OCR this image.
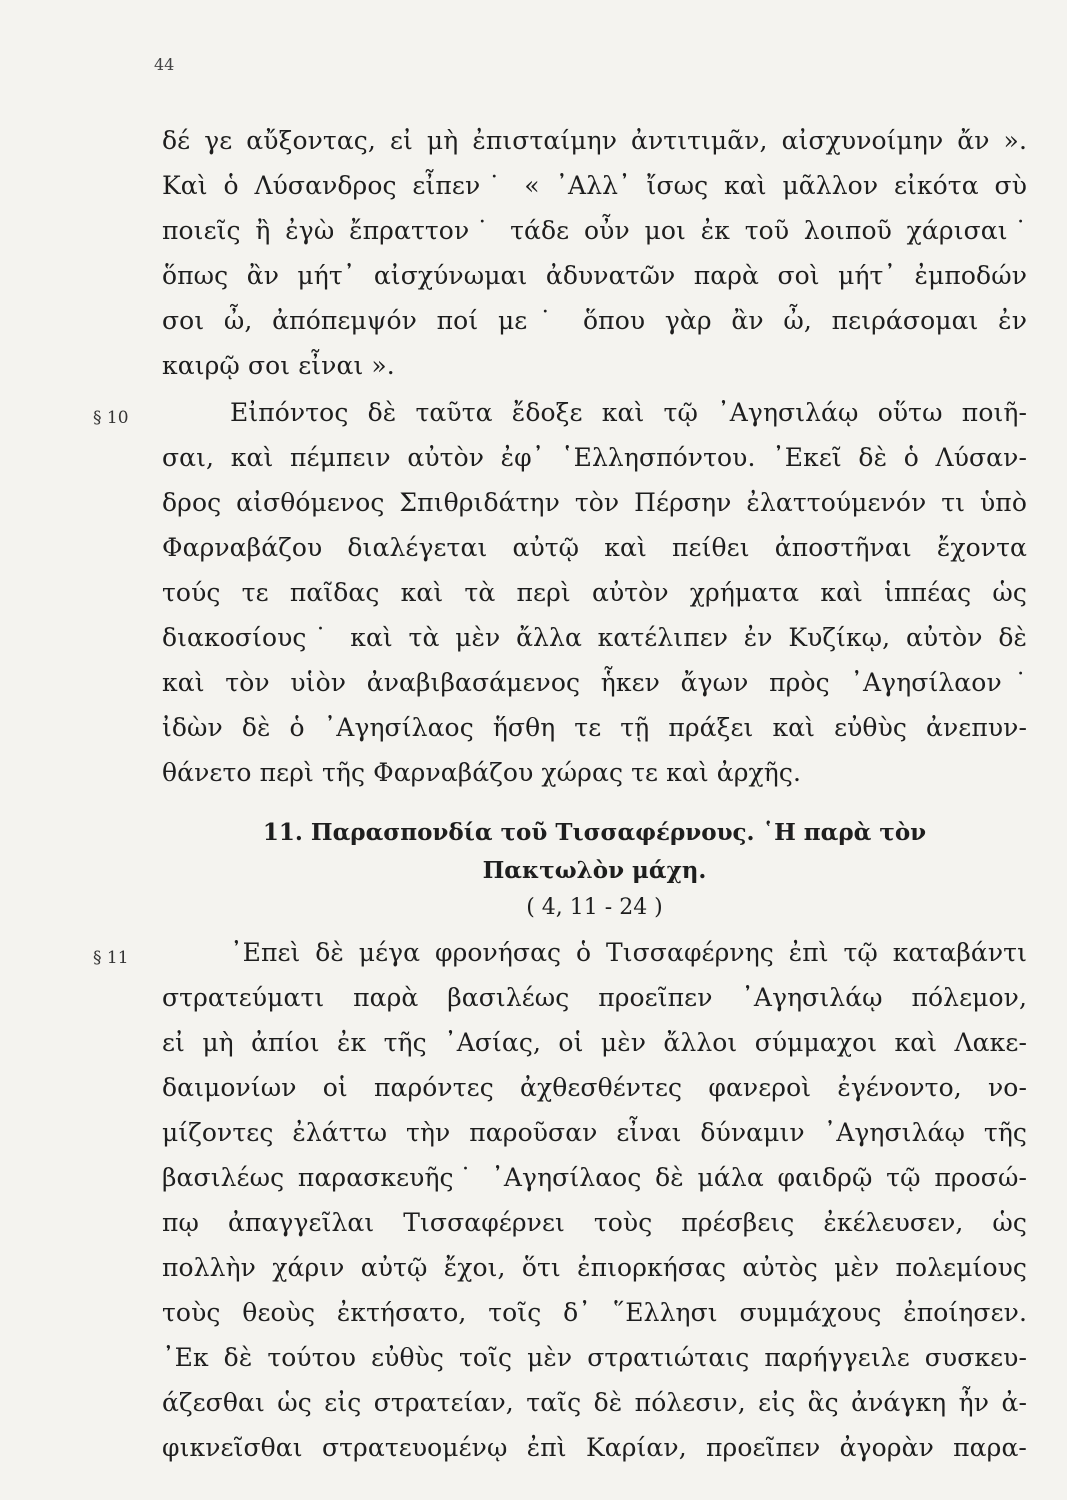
44
δέ γε αὔξοντας, εἰ μὴ ἐπισταίμην ἀντιτιμᾶν, αἰσχυνοίμην ἄν ».
Καὶ ὁ Λύσανδρος εἶπεν˙ « ᾿Αλλ᾿ ἴσως καὶ μᾶλλον εἰκότα σὺ
ποιεῖς ἢ ἐγὼ ἔπραττον˙ τάδε οὖν μοι ἐκ τοῦ λοιποῦ χάρισαι˙
ὅπως ἂν μήτ᾿ αἰσχύνωμαι ἀδυνατῶν παρὰ σοὶ μήτ᾿ ἐμποδών
σοι ὦ, ἀπόπεμψόν ποί με˙ ὅπου γὰρ ἂν ὦ, πειράσομαι ἐν
καιρῷ σοι εἶναι ».
§ 10	Εἰπόντος δὲ ταῦτα ἔδοξε καὶ τῷ ᾿Αγησιλάῳ οὕτω ποιῆ-
σαι, καὶ πέμπειν αὐτὸν ἐφ᾿ ῾Ελλησπόντου. ᾿Εκεῖ δὲ ὁ Λύσαν-
δρος αἰσθόμενος Σπιθριδάτην τὸν Πέρσην ἐλαττούμενόν τι ὑπὸ
Φαρναβάζου διαλέγεται αὐτῷ καὶ πείθει ἀποστῆναι ἔχοντα
τούς τε παῖδας καὶ τὰ περὶ αὐτὸν χρήματα καὶ ἱππέας ὡς
διακοσίους˙ καὶ τὰ μὲν ἄλλα κατέλιπεν ἐν Κυζίκῳ, αὐτὸν δὲ
καὶ τὸν υἱὸν ἀναβιβασάμενος ἧκεν ἄγων πρὸς ᾿Αγησίλαον˙
ἰδὼν δὲ ὁ ᾿Αγησίλαος ἥσθη τε τῇ πράξει καὶ εὐθὺς ἀνεπυν-
θάνετο περὶ τῆς Φαρναβάζου χώρας τε καὶ ἀρχῆς.
11. Παρασπονδία τοῦ Τισσαφέρνους. ῾Η παρὰ τὸν
Πακτωλὸν μάχη.
( 4, 11 - 24 )
§ 11	᾿Επεὶ δὲ μέγα φρονήσας ὁ Τισσαφέρνης ἐπὶ τῷ καταβάντι
στρατεύματι παρὰ βασιλέως προεῖπεν ᾿Αγησιλάῳ πόλεμον,
εἰ μὴ ἀπίοι ἐκ τῆς ᾿Ασίας, οἱ μὲν ἄλλοι σύμμαχοι καὶ Λακε-
δαιμονίων οἱ παρόντες ἀχθεσθέντες φανεροὶ ἐγένοντο, νο-
μίζοντες ἐλάττω τὴν παροῦσαν εἶναι δύναμιν ᾿Αγησιλάῳ τῆς
βασιλέως παρασκευῆς˙ ᾿Αγησίλαος δὲ μάλα φαιδρῷ τῷ προσώ-
πῳ ἀπαγγεῖλαι Τισσαφέρνει τοὺς πρέσβεις ἐκέλευσεν, ὡς
πολλὴν χάριν αὐτῷ ἔχοι, ὅτι ἐπιορκήσας αὐτὸς μὲν πολεμίους
τοὺς θεοὺς ἐκτήσατο, τοῖς δ᾿ ῞Ελλησι συμμάχους ἐποίησεν.
᾿Εκ δὲ τούτου εὐθὺς τοῖς μὲν στρατιώταις παρήγγειλε συσκευ-
άζεσθαι ὡς εἰς στρατείαν, ταῖς δὲ πόλεσιν, εἰς ἃς ἀνάγκη ἦν ἀ-
φικνεῖσθαι στρατευομένῳ ἐπὶ Καρίαν, προεῖπεν ἀγορὰν παρα-
